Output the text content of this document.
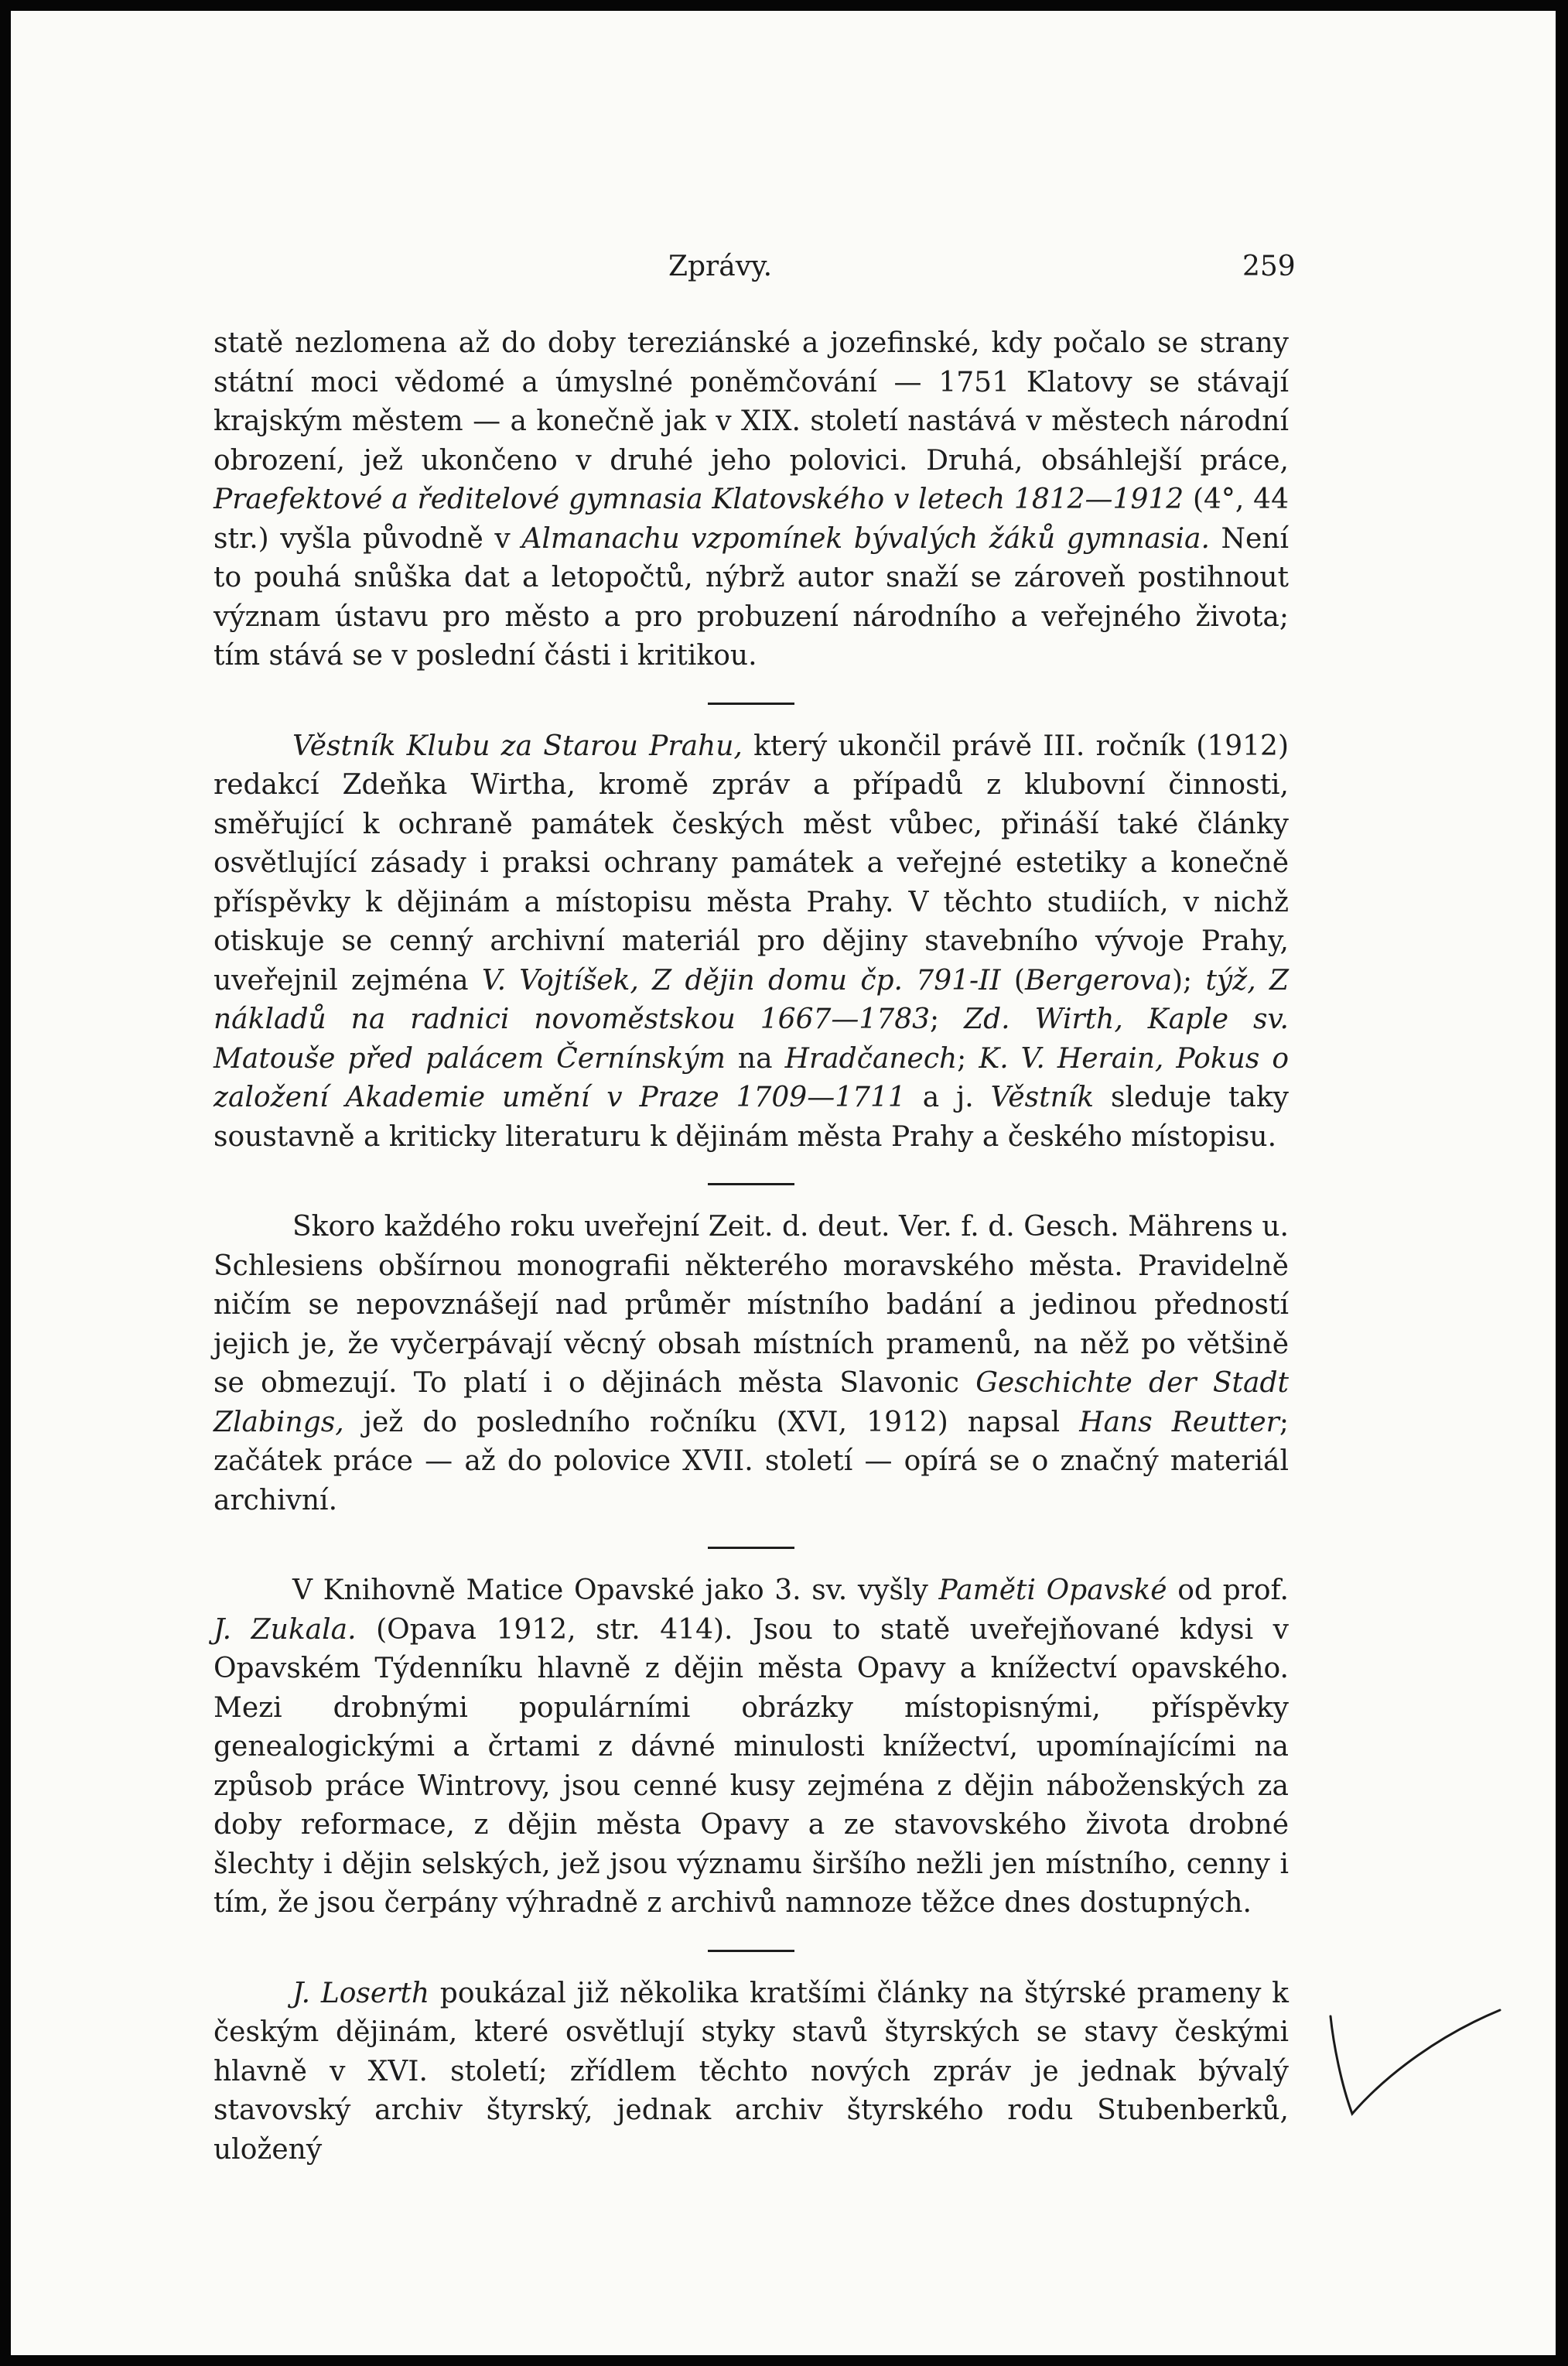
Zprávy.	259

statě nezlomena až do doby tereziánské a jozefinské, kdy počalo se strany státní moci vědomé a úmyslné poněmčování — 1751 Klatovy se stávají krajským městem — a konečně jak v XIX. století nastává v městech národní obrození, jež ukončeno v druhé jeho polovici. Druhá, obsáhlejší práce, Praefektové a ředitelové gymnasia Klatovského v letech 1812—1912 (4°, 44 str.) vyšla původně v Almanachu vzpomínek bývalých žáků gymnasia. Není to pouhá snůška dat a letopočtů, nýbrž autor snaží se zároveň postihnout význam ústavu pro město a pro probuzení národního a veřejného života; tím stává se v poslední části i kritikou.

Věstník Klubu za Starou Prahu, který ukončil právě III. ročník (1912) redakcí Zdeňka Wirtha, kromě zpráv a případů z klubovní činnosti, směřující k ochraně památek českých měst vůbec, přináší také články osvětlující zásady i praksi ochrany památek a veřejné estetiky a konečně příspěvky k dějinám a místopisu města Prahy. V těchto studiích, v nichž otiskuje se cenný archivní materiál pro dějiny stavebního vývoje Prahy, uveřejnil zejména V. Vojtíšek, Z dějin domu čp. 791-II (Bergerova); týž, Z nákladů na radnici novoměstskou 1667—1783; Zd. Wirth, Kaple sv. Matouše před palácem Černínským na Hradčanech; K. V. Herain, Pokus o založení Akademie umění v Praze 1709—1711 a j. Věstník sleduje taky soustavně a kriticky literaturu k dějinám města Prahy a českého místopisu.

Skoro každého roku uveřejní Zeit. d. deut. Ver. f. d. Gesch. Mährens u. Schlesiens obšírnou monografii některého moravského města. Pravidelně ničím se nepovznášejí nad průměr místního badání a jedinou předností jejich je, že vyčerpávají věcný obsah místních pramenů, na něž po většině se obmezují. To platí i o dějinách města Slavonic Geschichte der Stadt Zlabings, jež do posledního ročníku (XVI, 1912) napsal Hans Reutter; začátek práce — až do polovice XVII. století — opírá se o značný materiál archivní.

V Knihovně Matice Opavské jako 3. sv. vyšly Paměti Opavské od prof. J. Zukala. (Opava 1912, str. 414). Jsou to statě uveřejňované kdysi v Opavském Týdenníku hlavně z dějin města Opavy a knížectví opavského. Mezi drobnými populárními obrázky místopisnými, příspěvky genealogickými a črtami z dávné minulosti knížectví, upomínajícími na způsob práce Wintrovy, jsou cenné kusy zejména z dějin náboženských za doby reformace, z dějin města Opavy a ze stavovského života drobné šlechty i dějin selských, jež jsou významu širšího nežli jen místního, cenny i tím, že jsou čerpány výhradně z archivů namnoze těžce dnes dostupných.

J. Loserth poukázal již několika kratšími články na štýrské prameny k českým dějinám, které osvětlují styky stavů štyrských se stavy českými hlavně v XVI. století; zřídlem těchto nových zpráv je jednak bývalý stavovský archiv štyrský, jednak archiv štyrského rodu Stubenberků, uložený
